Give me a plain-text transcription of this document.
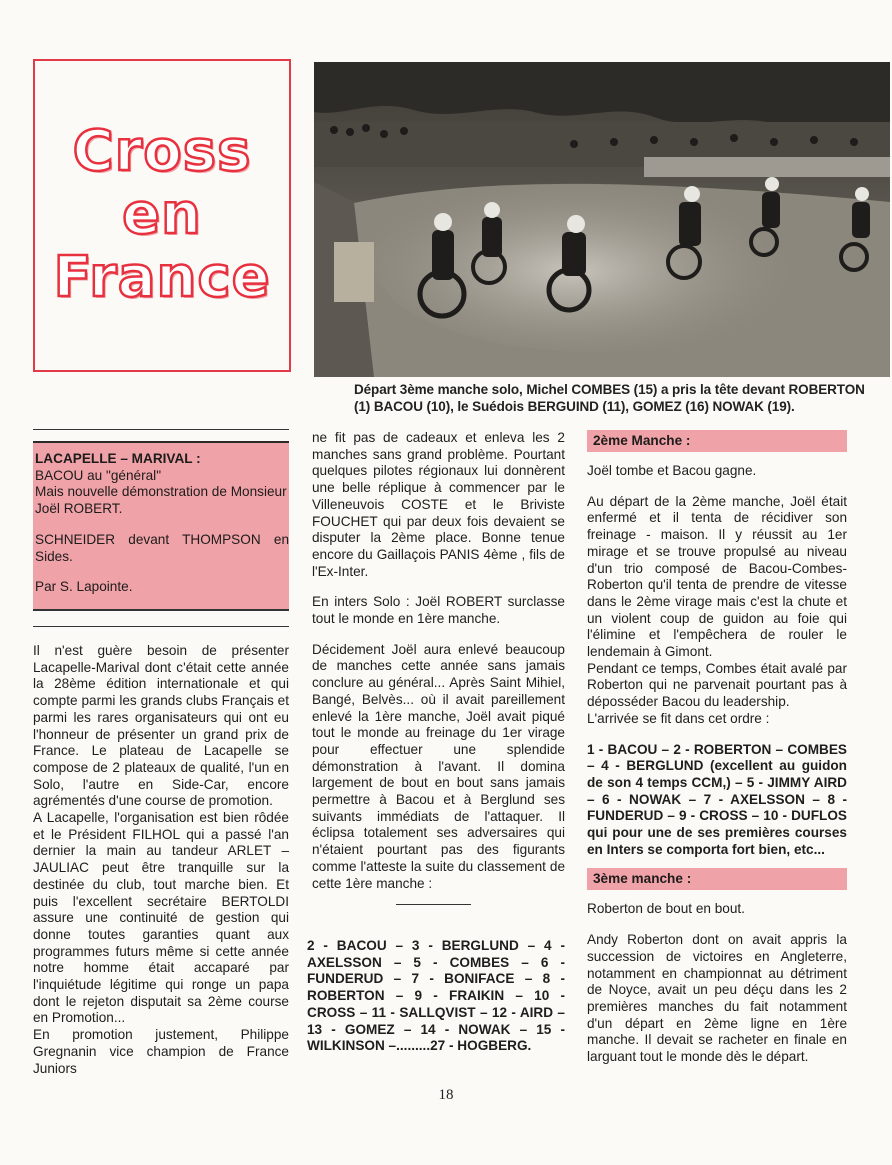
Cross
en
France
Départ 3ème manche solo, Michel COMBES (15) a pris la tête devant ROBERTON (1) BACOU (10), le Suédois BERGUIND (11), GOMEZ (16) NOWAK (19).

LACAPELLE – MARIVAL :

BACOU au "général"

Mais nouvelle démonstration de Monsieur Joël ROBERT.

SCHNEIDER devant THOMPSON en Sides.

Par S. Lapointe.

Il n'est guère besoin de présenter Lacapelle-Marival dont c'était cette année la 28ème édition internationale et qui compte parmi les grands clubs Français et parmi les rares organisateurs qui ont eu l'honneur de présenter un grand prix de France. Le plateau de Lacapelle se compose de 2 plateaux de qualité, l'un en Solo, l'autre en Side-Car, encore agrémentés d'une course de promotion.

A Lacapelle, l'organisation est bien rôdée et le Président FILHOL qui a passé l'an dernier la main au tandeur ARLET – JAULIAC peut être tranquille sur la destinée du club, tout marche bien. Et puis l'excellent secrétaire BERTOLDI assure une continuité de gestion qui donne toutes garanties quant aux programmes futurs même si cette année notre homme était accaparé par l'inquiétude légitime qui ronge un papa dont le rejeton disputait sa 2ème course en Promotion...

En promotion justement, Philippe Gregnanin vice champion de France Juniors

ne fit pas de cadeaux et enleva les 2 manches sans grand problème. Pourtant quelques pilotes régionaux lui donnèrent une belle réplique à commencer par le Villeneuvois COSTE et le Briviste FOUCHET qui par deux fois devaient se disputer la 2ème place. Bonne tenue encore du Gaillaçois PANIS 4ème , fils de l'Ex-Inter.

En inters Solo : Joël ROBERT surclasse tout le monde en 1ère manche.

Décidement Joël aura enlevé beaucoup de manches cette année sans jamais conclure au général... Après Saint Mihiel, Bangé, Belvès... où il avait pareillement enlevé la 1ère manche, Joël avait piqué tout le monde au freinage du 1er virage pour effectuer une splendide démonstration à l'avant. Il domina largement de bout en bout sans jamais permettre à Bacou et à Berglund ses suivants immédiats de l'attaquer. Il éclipsa totalement ses adversaires qui n'étaient pourtant pas des figurants comme l'atteste la suite du classement de cette 1ère manche :

2 - BACOU – 3 - BERGLUND – 4 - AXELSSON – 5 - COMBES – 6 - FUNDERUD – 7 - BONIFACE – 8 - ROBERTON – 9 - FRAIKIN – 10 - CROSS – 11 - SALLQVIST – 12 - AIRD – 13 - GOMEZ – 14 - NOWAK – 15 - WILKINSON –.........27 - HOGBERG.
2ème Manche :

Joël tombe et Bacou gagne.

Au départ de la 2ème manche, Joël était enfermé et il tenta de récidiver son freinage - maison. Il y réussit au 1er mirage et se trouve propulsé au niveau d'un trio composé de Bacou-Combes-Roberton qu'il tenta de prendre de vitesse dans le 2ème virage mais c'est la chute et un violent coup de guidon au foie qui l'élimine et l'empêchera de rouler le lendemain à Gimont.

Pendant ce temps, Combes était avalé par Roberton qui ne parvenait pourtant pas à déposséder Bacou du leadership.

L'arrivée se fit dans cet ordre :

1 - BACOU – 2 - ROBERTON – COMBES – 4 - BERGLUND (excellent au guidon de son 4 temps CCM,) – 5 - JIMMY AIRD – 6 - NOWAK – 7 - AXELSSON – 8 - FUNDERUD – 9 - CROSS – 10 - DUFLOS qui pour une de ses premières courses en Inters se comporta fort bien, etc...

3ème manche :

Roberton de bout en bout.

Andy Roberton dont on avait appris la succession de victoires en Angleterre, notamment en championnat au détriment de Noyce, avait un peu déçu dans les 2 premières manches du fait notamment d'un départ en 2ème ligne en 1ère manche. Il devait se racheter en finale en larguant tout le monde dès le départ.

18
